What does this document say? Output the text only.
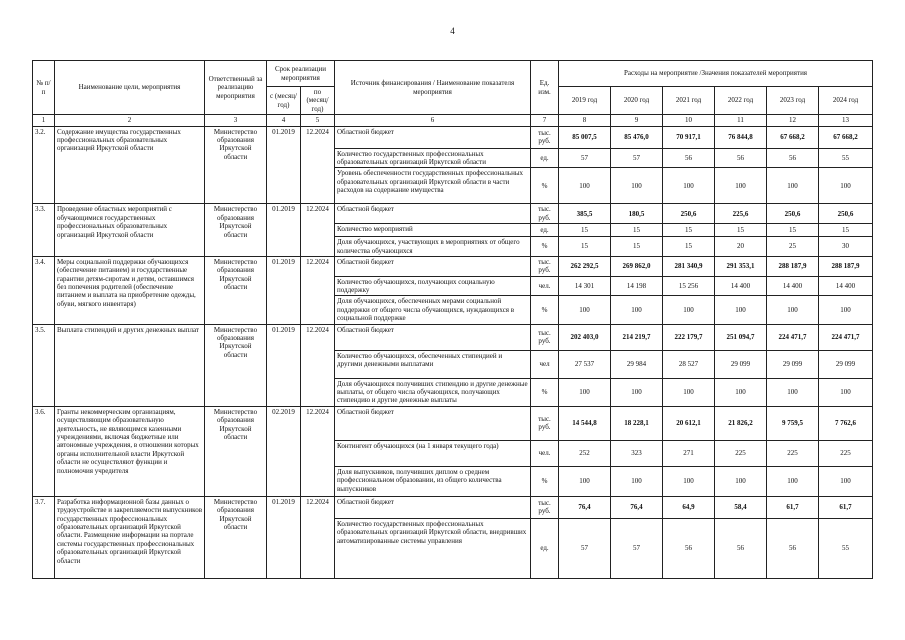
4
№ п/п	Наименование цели, мероприятия	Ответственный за реализацию мероприятия	Срок реализации мероприятия		Источник финансирования / Наименование показателя мероприятия	Ед. изм.	Расходы на мероприятие /Значения показателей мероприятия					
			с (месяц/ год)	по (месяц/ год)			2019 год	2020 год	2021 год	2022 год	2023 год	2024 год
1	2	3	4	5	6	7	8	9	10	11	12	13
3.2.	Содержание имущества государственных профессиональных образовательных организаций Иркутской области	Министерство образования Иркутской области	01.2019	12.2024	Областной бюджет	тыс. руб.	85 007,5	85 476,0	70 917,1	76 844,8	67 668,2	67 668,2
					Количество государственных профессиональных образовательных организаций Иркутской области	ед.	57	57	56	56	56	55
					Уровень обеспеченности государственных профессиональных образовательных организаций Иркутской области в части расходов на содержание имущества	%	100	100	100	100	100	100
3.3.	Проведение областных мероприятий с обучающимися государственных профессиональных образовательных организаций Иркутской области	Министерство образования Иркутской области	01.2019	12.2024	Областной бюджет	тыс. руб.	385,5	180,5	250,6	225,6	250,6	250,6
					Количество мероприятий	ед.	15	15	15	15	15	15
					Доля обучающихся, участвующих в мероприятиях от общего количества обучающихся	%	15	15	15	20	25	30
3.4.	Меры социальной поддержки обучающихся (обеспечение питанием) и государственные гарантии детям-сиротам и детям, оставшимся без попечения родителей (обеспечение питанием и выплата на приобретение одежды, обуви, мягкого инвентаря)	Министерство образования Иркутской области	01.2019	12.2024	Областной бюджет	тыс. руб.	262 292,5	269 862,0	281 340,9	291 353,1	288 187,9	288 187,9
					Количество обучающихся, получающих социальную поддержку	чел.	14 301	14 198	15 256	14 400	14 400	14 400
					Доля обучающихся, обеспеченных мерами социальной поддержки от общего числа обучающихся, нуждающихся в социальной поддержке	%	100	100	100	100	100	100
3.5.	Выплата стипендий и других денежных выплат	Министерство образования Иркутской области	01.2019	12.2024	Областной бюджет	тыс. руб.	202 403,0	214 219,7	222 179,7	251 094,7	224 471,7	224 471,7
					Количество обучающихся, обеспеченных стипендией и другими денежными выплатами	чел	27 537	29 984	28 527	29 099	29 099	29 099
					Доля обучающихся получивших стипендию и другие денежные выплаты, от общего числа обучающихся, получающих стипендию и другие денежные выплаты	%	100	100	100	100	100	100
3.6.	Гранты некоммерческим организациям, осуществляющим образовательную деятельность, не являющимся казенными учреждениями, включая бюджетные или автономные учреждения, в отношении которых органы исполнительной власти Иркутской области не осуществляют функции и полномочия учредителя	Министерство образования Иркутской области	02.2019	12.2024	Областной бюджет	тыс. руб.	14 544,8	18 228,1	20 612,1	21 826,2	9 759,5	7 762,6
					Контингент обучающихся (на 1 января текущего года)	чел.	252	323	271	225	225	225
					Доля выпускников, получивших диплом о среднем профессиональном образовании, из общего количества выпускников	%	100	100	100	100	100	100
3.7.	Разработка информационной базы данных о трудоустройстве и закрепляемости выпускников государственных профессиональных образовательных организаций Иркутской области. Размещение информации на портале системы государственных профессиональных образовательных организаций Иркутской области	Министерство образования Иркутской области	01.2019	12.2024	Областной бюджет	тыс. руб.	76,4	76,4	64,9	58,4	61,7	61,7
					Количество государственных профессиональных образовательных организаций Иркутской области, внедривших автоматизированные системы управления	ед.	57	57	56	56	56	55
